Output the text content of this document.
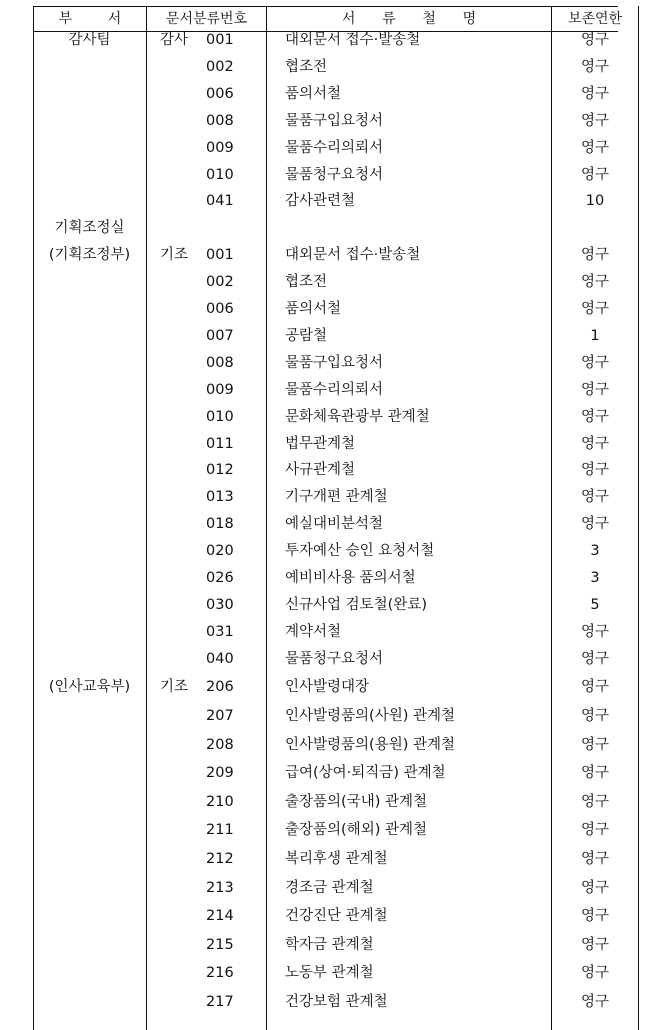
부        서	문서분류번호	서      류      철      명	보존연한
감사팀	감사	001	대외문서 접수·발송철	영구
002	협조전	영구
006	품의서철	영구
008	물품구입요청서	영구
009	물품수리의뢰서	영구
010	물품청구요청서	영구
041	감사관련철	10
기획조정실
(기획조정부)	기조	001	대외문서 접수·발송철	영구
002	협조전	영구
006	품의서철	영구
007	공람철	1
008	물품구입요청서	영구
009	물품수리의뢰서	영구
010	문화체육관광부 관계철	영구
011	법무관계철	영구
012	사규관계철	영구
013	기구개편 관계철	영구
018	예실대비분석철	영구
020	투자예산 승인 요청서철	3
026	예비비사용 품의서철	3
030	신규사업 검토철(완료)	5
031	계약서철	영구
040	물품청구요청서	영구
(인사교육부)	기조	206	인사발령대장	영구
207	인사발령품의(사원) 관계철	영구
208	인사발령품의(용원) 관계철	영구
209	급여(상여·퇴직금) 관계철	영구
210	출장품의(국내) 관계철	영구
211	출장품의(해외) 관계철	영구
212	복리후생 관계철	영구
213	경조금 관계철	영구
214	건강진단 관계철	영구
215	학자금 관계철	영구
216	노동부 관계철	영구
217	건강보험 관계철	영구
